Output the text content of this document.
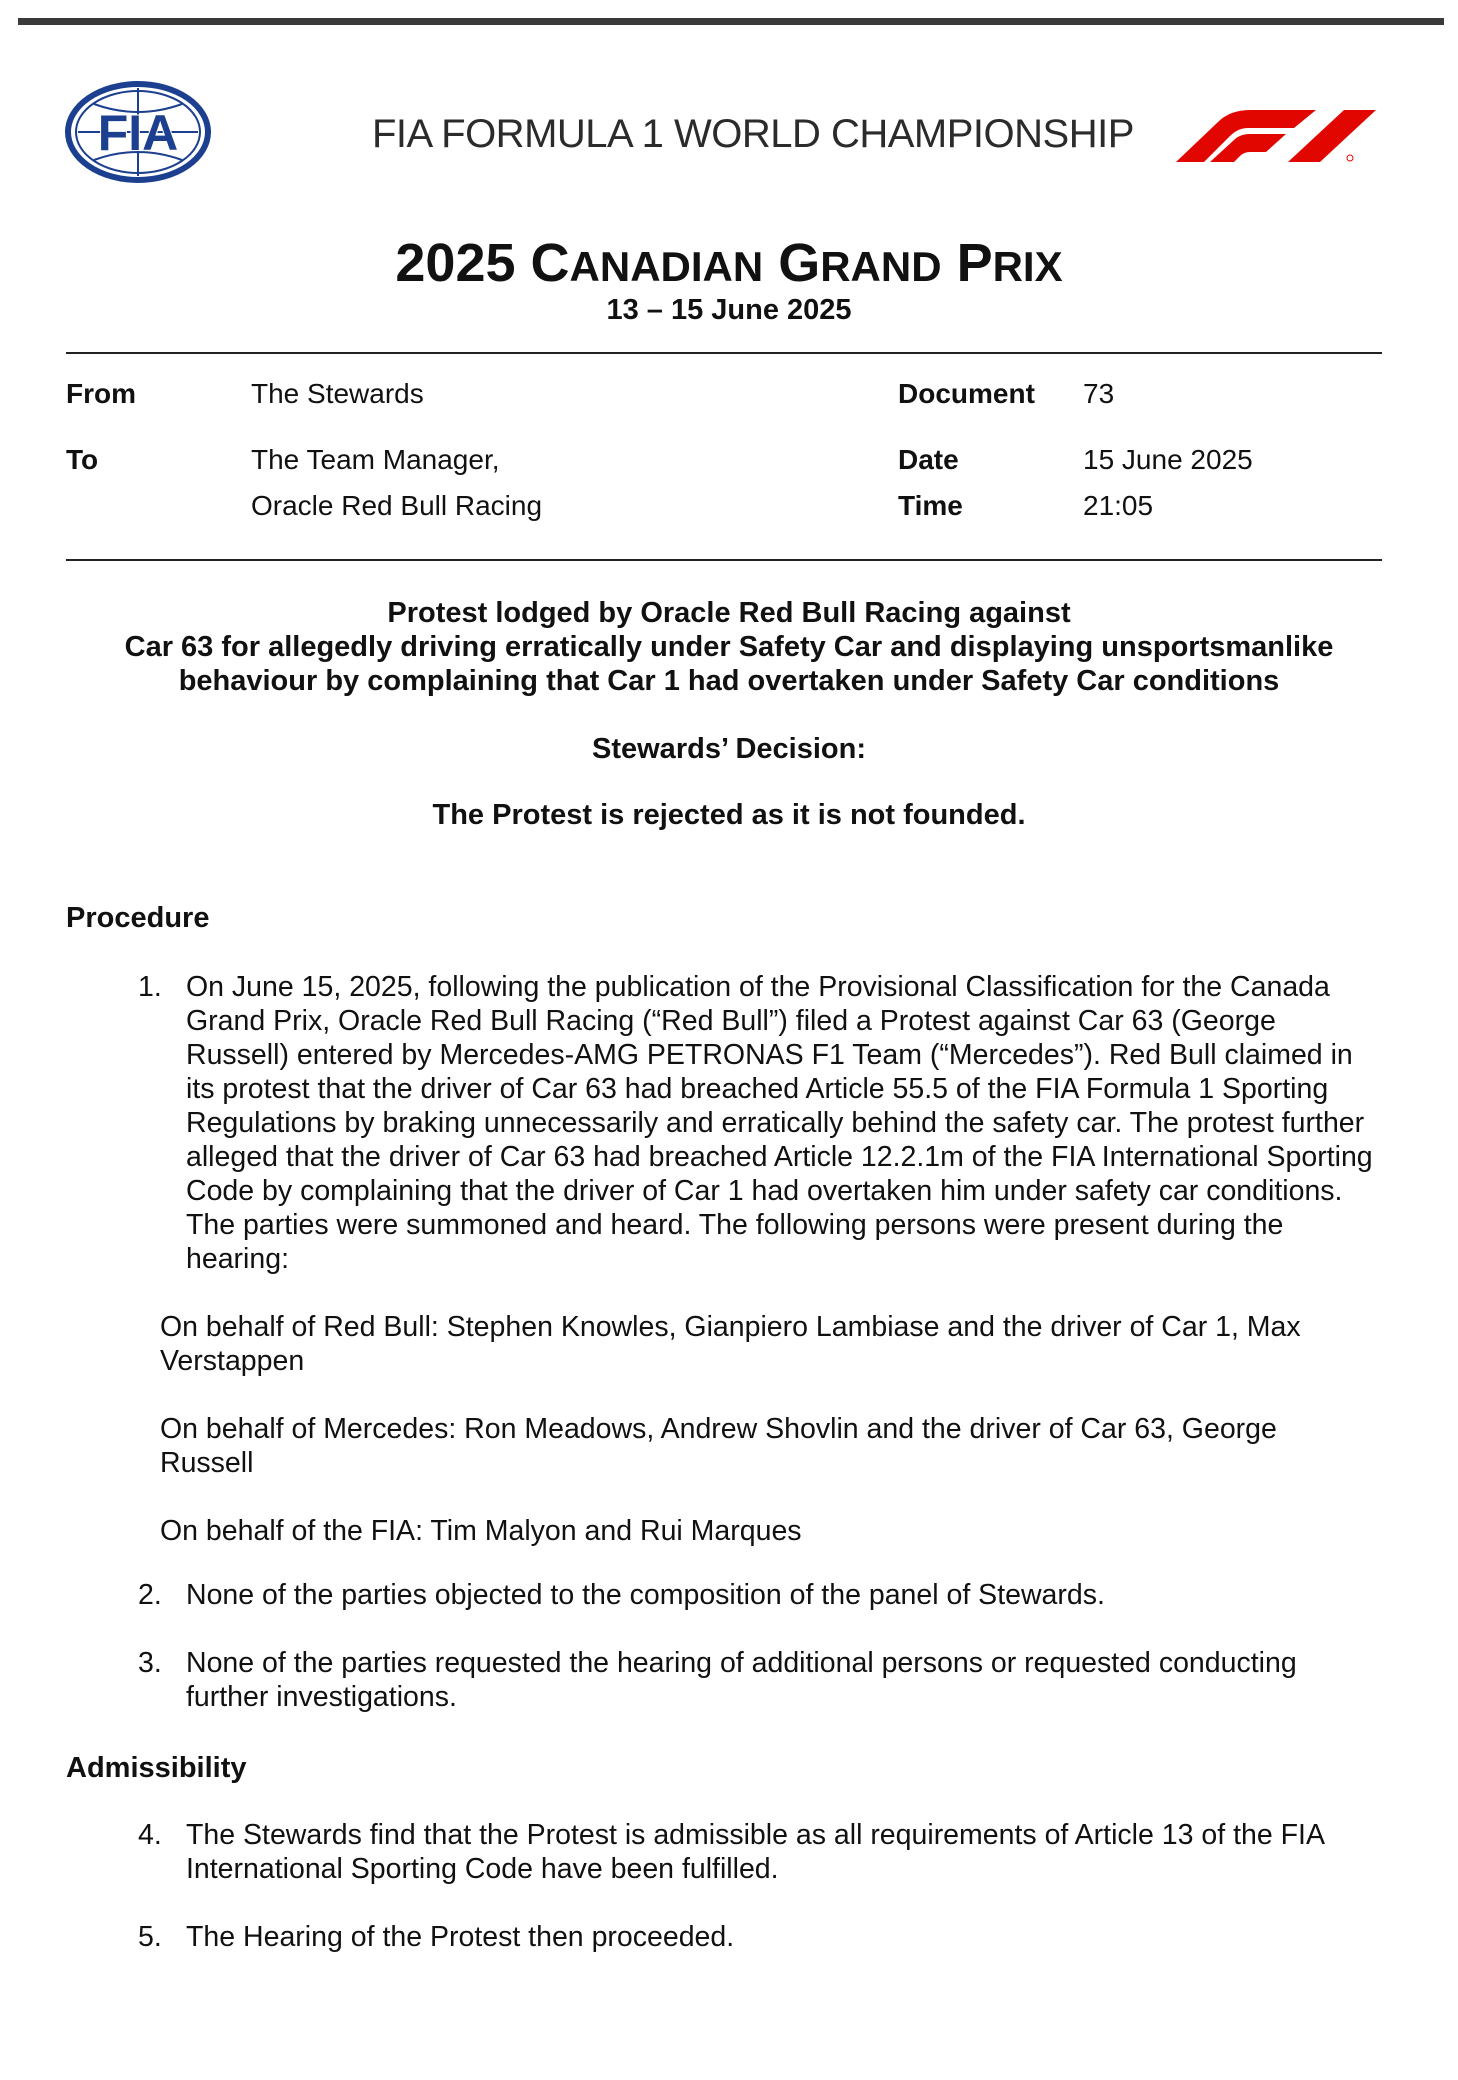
FIA	FIA FORMULA 1 WORLD CHAMPIONSHIP
2025 CANADIAN GRAND PRIX
13 – 15 June 2025
From	The Stewards	Document 73
To	The Team Manager,	Date	15 June 2025
Oracle Red Bull Racing	Time	21:05
Protest lodged by Oracle Red Bull Racing against
Car 63 for allegedly driving erratically under Safety Car and displaying unsportsmanlike
behaviour by complaining that Car 1 had overtaken under Safety Car conditions
Stewards’ Decision:
The Protest is rejected as it is not founded.
Procedure
1. On June 15, 2025, following the publication of the Provisional Classification for the Canada Grand Prix, Oracle Red Bull Racing (“Red Bull”) filed a Protest against Car 63 (George Russell) entered by Mercedes-AMG PETRONAS F1 Team (“Mercedes”). Red Bull claimed in its protest that the driver of Car 63 had breached Article 55.5 of the FIA Formula 1 Sporting Regulations by braking unnecessarily and erratically behind the safety car. The protest further alleged that the driver of Car 63 had breached Article 12.2.1m of the FIA International Sporting Code by complaining that the driver of Car 1 had overtaken him under safety car conditions. The parties were summoned and heard. The following persons were present during the hearing:
On behalf of Red Bull: Stephen Knowles, Gianpiero Lambiase and the driver of Car 1, Max Verstappen
On behalf of Mercedes: Ron Meadows, Andrew Shovlin and the driver of Car 63, George Russell
On behalf of the FIA: Tim Malyon and Rui Marques
2. None of the parties objected to the composition of the panel of Stewards.
3. None of the parties requested the hearing of additional persons or requested conducting further investigations.
Admissibility
4. The Stewards find that the Protest is admissible as all requirements of Article 13 of the FIA International Sporting Code have been fulfilled.
5. The Hearing of the Protest then proceeded.
